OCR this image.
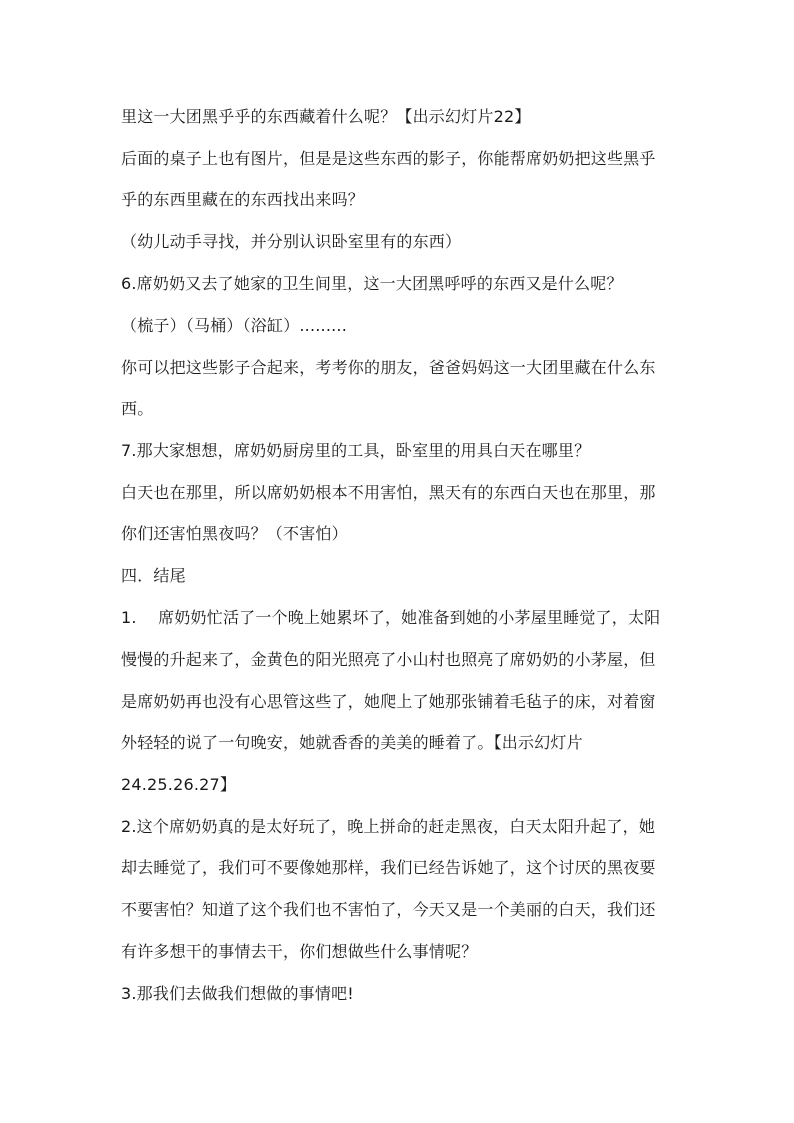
里这一大团黑乎乎的东西藏着什么呢？【出示幻灯片22】
后面的桌子上也有图片，但是是这些东西的影子，你能帮席奶奶把这些黑乎
乎的东西里藏在的东西找出来吗？
（幼儿动手寻找，并分别认识卧室里有的东西）
6.席奶奶又去了她家的卫生间里，这一大团黑呼呼的东西又是什么呢？
（梳子）（马桶）（浴缸）.........
你可以把这些影子合起来，考考你的朋友，爸爸妈妈这一大团里藏在什么东
西。
7.那大家想想，席奶奶厨房里的工具，卧室里的用具白天在哪里？
白天也在那里，所以席奶奶根本不用害怕，黑天有的东西白天也在那里，那
你们还害怕黑夜吗？（不害怕）
四．结尾
1.　 席奶奶忙活了一个晚上她累坏了，她准备到她的小茅屋里睡觉了，太阳
慢慢的升起来了，金黄色的阳光照亮了小山村也照亮了席奶奶的小茅屋，但
是席奶奶再也没有心思管这些了，她爬上了她那张铺着毛毡子的床，对着窗
外轻轻的说了一句晚安，她就香香的美美的睡着了。【出示幻灯片
24.25.26.27】
2.这个席奶奶真的是太好玩了，晚上拼命的赶走黑夜，白天太阳升起了，她
却去睡觉了，我们可不要像她那样，我们已经告诉她了，这个讨厌的黑夜要
不要害怕？知道了这个我们也不害怕了，今天又是一个美丽的白天，我们还
有许多想干的事情去干，你们想做些什么事情呢？
3.那我们去做我们想做的事情吧!
